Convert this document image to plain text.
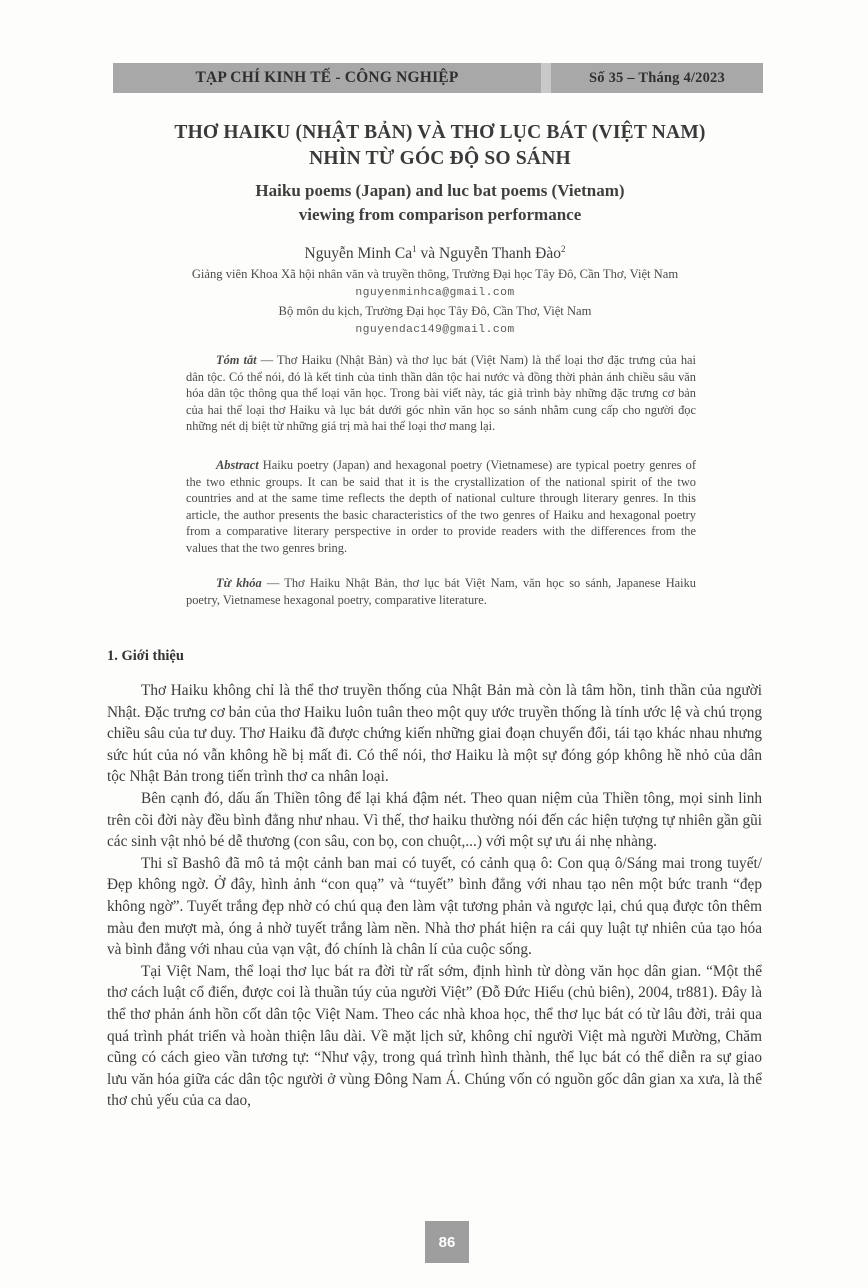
TẠP CHÍ KINH TẾ - CÔNG NGHIỆP	Số 35 – Tháng 4/2023
THƠ HAIKU (NHẬT BẢN) VÀ THƠ LỤC BÁT (VIỆT NAM)
NHÌN TỪ GÓC ĐỘ SO SÁNH
Haiku poems (Japan) and luc bat poems (Vietnam)
viewing from comparison performance
Nguyễn Minh Ca$^1$ và Nguyễn Thanh Đào$^2$
Giảng viên Khoa Xã hội nhân văn và truyền thông, Trường Đại học Tây Đô, Cần Thơ, Việt Nam
nguyenminhca@gmail.com
Bộ môn du kịch, Trường Đại học Tây Đô, Cần Thơ, Việt Nam
nguyendac149@gmail.com
Tóm tắt — Thơ Haiku (Nhật Bản) và thơ lục bát (Việt Nam) là thể loại thơ đặc trưng của hai dân tộc. Có thể nói, đó là kết tinh của tinh thần dân tộc hai nước và đồng thời phản ánh chiều sâu văn hóa dân tộc thông qua thể loại văn học. Trong bài viết này, tác giả trình bày những đặc trưng cơ bản của hai thể loại thơ Haiku và lục bát dưới góc nhìn văn học so sánh nhằm cung cấp cho người đọc những nét dị biệt từ những giá trị mà hai thể loại thơ mang lại.
Abstract Haiku poetry (Japan) and hexagonal poetry (Vietnamese) are typical poetry genres of the two ethnic groups. It can be said that it is the crystallization of the national spirit of the two countries and at the same time reflects the depth of national culture through literary genres. In this article, the author presents the basic characteristics of the two genres of Haiku and hexagonal poetry from a comparative literary perspective in order to provide readers with the differences from the values that the two genres bring.
Từ khóa — Thơ Haiku Nhật Bản, thơ lục bát Việt Nam, văn học so sánh, Japanese Haiku poetry, Vietnamese hexagonal poetry, comparative literature.
1. Giới thiệu

Thơ Haiku không chỉ là thể thơ truyền thống của Nhật Bản mà còn là tâm hồn, tinh thần của người Nhật. Đặc trưng cơ bản của thơ Haiku luôn tuân theo một quy ước truyền thống là tính ước lệ và chú trọng chiều sâu của tư duy. Thơ Haiku đã được chứng kiến những giai đoạn chuyển đổi, tái tạo khác nhau nhưng sức hút của nó vẫn không hề bị mất đi. Có thể nói, thơ Haiku là một sự đóng góp không hề nhỏ của dân tộc Nhật Bản trong tiến trình thơ ca nhân loại.

Bên cạnh đó, dấu ấn Thiền tông để lại khá đậm nét. Theo quan niệm của Thiền tông, mọi sinh linh trên cõi đời này đều bình đẳng như nhau. Vì thế, thơ haiku thường nói đến các hiện tượng tự nhiên gần gũi các sinh vật nhỏ bé dễ thương (con sâu, con bọ, con chuột,...) với một sự ưu ái nhẹ nhàng.

Thi sĩ Bashô đã mô tả một cảnh ban mai có tuyết, có cảnh quạ ô: Con quạ ô/Sáng mai trong tuyết/Đẹp không ngờ. Ở đây, hình ảnh “con quạ” và “tuyết” bình đẳng với nhau tạo nên một bức tranh “đẹp không ngờ”. Tuyết trắng đẹp nhờ có chú quạ đen làm vật tương phản và ngược lại, chú quạ được tôn thêm màu đen mượt mà, óng ả nhờ tuyết trắng làm nền. Nhà thơ phát hiện ra cái quy luật tự nhiên của tạo hóa và bình đẳng với nhau của vạn vật, đó chính là chân lí của cuộc sống.

Tại Việt Nam, thể loại thơ lục bát ra đời từ rất sớm, định hình từ dòng văn học dân gian. “Một thể thơ cách luật cổ điển, được coi là thuần túy của người Việt” (Đỗ Đức Hiểu (chủ biên), 2004, tr881). Đây là thể thơ phản ánh hồn cốt dân tộc Việt Nam. Theo các nhà khoa học, thể thơ lục bát có từ lâu đời, trải qua quá trình phát triển và hoàn thiện lâu dài. Về mặt lịch sử, không chỉ người Việt mà người Mường, Chăm cũng có cách gieo vần tương tự: “Như vậy, trong quá trình hình thành, thể lục bát có thể diễn ra sự giao lưu văn hóa giữa các dân tộc người ở vùng Đông Nam Á. Chúng vốn có nguồn gốc dân gian xa xưa, là thể thơ chủ yếu của ca dao,

86
